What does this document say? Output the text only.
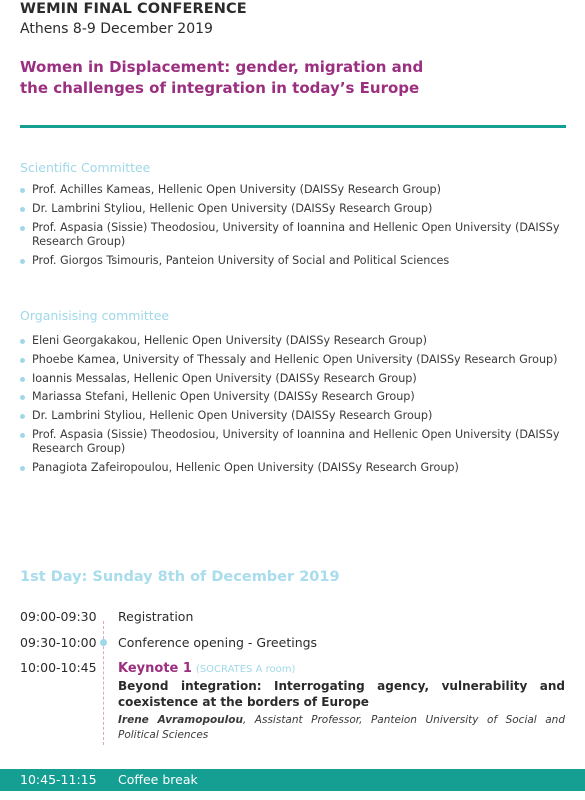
WEMIN FINAL CONFERENCE
Athens 8-9 December 2019
Women in Displacement: gender, migration and the challenges of integration in today’s Europe
Scientific Committee
Prof. Achilles Kameas, Hellenic Open University (DAISSy Research Group)
Dr. Lambrini Styliou, Hellenic Open University (DAISSy Research Group)
Prof. Aspasia (Sissie) Theodosiou, University of Ioannina and Hellenic Open University (DAISSy Research Group)
Prof. Giorgos Tsimouris, Panteion University of Social and Political Sciences
Organisising committee
Eleni Georgakakou, Hellenic Open University (DAISSy Research Group)
Phoebe Kamea, University of Thessaly and Hellenic Open University (DAISSy Research Group)
Ioannis Messalas, Hellenic Open University (DAISSy Research Group)
Mariassa Stefani, Hellenic Open University (DAISSy Research Group)
Dr. Lambrini Styliou, Hellenic Open University (DAISSy Research Group)
Prof. Aspasia (Sissie) Theodosiou, University of Ioannina and Hellenic Open University (DAISSy Research Group)
Panagiota Zafeiropoulou, Hellenic Open University (DAISSy Research Group)
1st Day: Sunday 8th of December 2019
09:00-09:30 Registration
09:30-10:00 Conference opening - Greetings
10:00-10:45 Keynote 1 (SOCRATES A room)
Beyond integration: Interrogating agency, vulnerability and coexistence at the borders of Europe
Irene Avramopoulou, Assistant Professor, Panteion University of Social and Political Sciences
10:45-11:15 Coffee break
